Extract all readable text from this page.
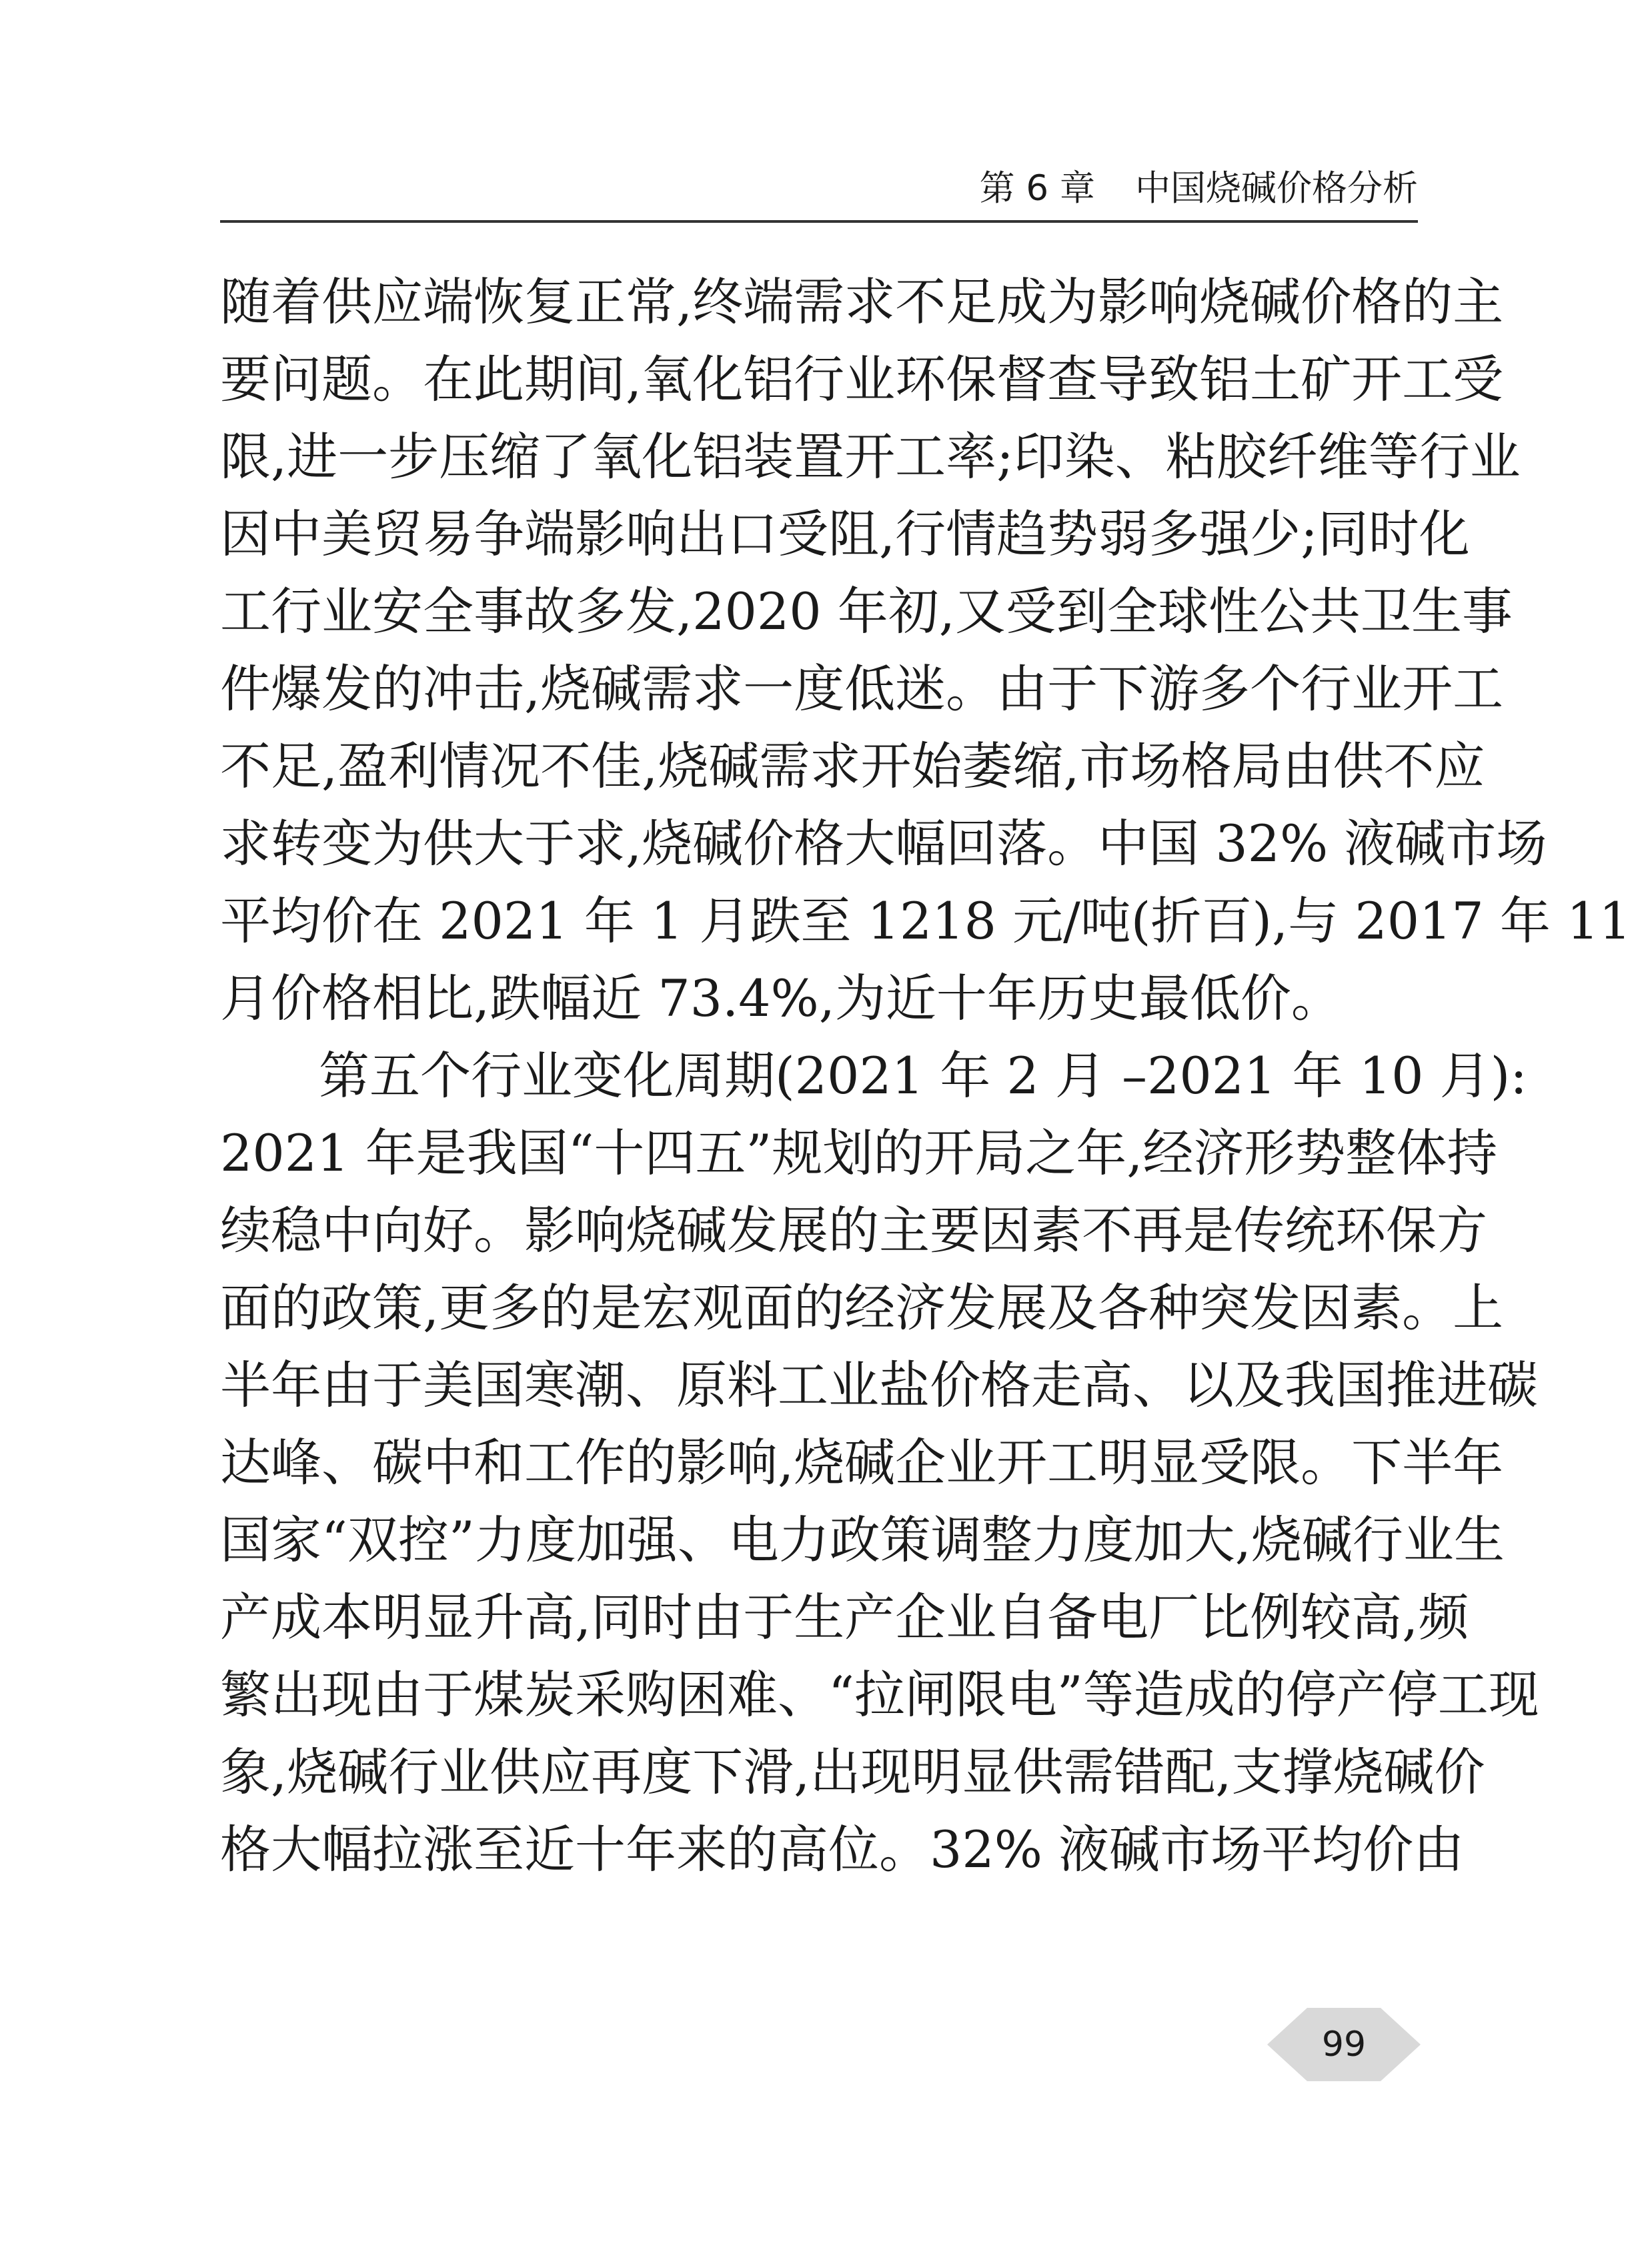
第 6 章 中国烧碱价格分析
随着供应端恢复正常,终端需求不足成为影响烧碱价格的主
要问题。在此期间,氧化铝行业环保督查导致铝土矿开工受
限,进一步压缩了氧化铝装置开工率;印染、粘胶纤维等行业
因中美贸易争端影响出口受阻,行情趋势弱多强少;同时化
工行业安全事故多发,2020 年初,又受到全球性公共卫生事
件爆发的冲击,烧碱需求一度低迷。由于下游多个行业开工
不足,盈利情况不佳,烧碱需求开始萎缩,市场格局由供不应
求转变为供大于求,烧碱价格大幅回落。中国 32% 液碱市场
平均价在 2021 年 1 月跌至 1218 元/吨(折百),与 2017 年 11
月价格相比,跌幅近 73.4%,为近十年历史最低价。
第五个行业变化周期(2021 年 2 月 –2021 年 10 月):
2021 年是我国“十四五”规划的开局之年,经济形势整体持
续稳中向好。影响烧碱发展的主要因素不再是传统环保方
面的政策,更多的是宏观面的经济发展及各种突发因素。上
半年由于美国寒潮、原料工业盐价格走高、以及我国推进碳
达峰、碳中和工作的影响,烧碱企业开工明显受限。下半年
国家“双控”力度加强、电力政策调整力度加大,烧碱行业生
产成本明显升高,同时由于生产企业自备电厂比例较高,频
繁出现由于煤炭采购困难、“拉闸限电”等造成的停产停工现
象,烧碱行业供应再度下滑,出现明显供需错配,支撑烧碱价
格大幅拉涨至近十年来的高位。32% 液碱市场平均价由
99
